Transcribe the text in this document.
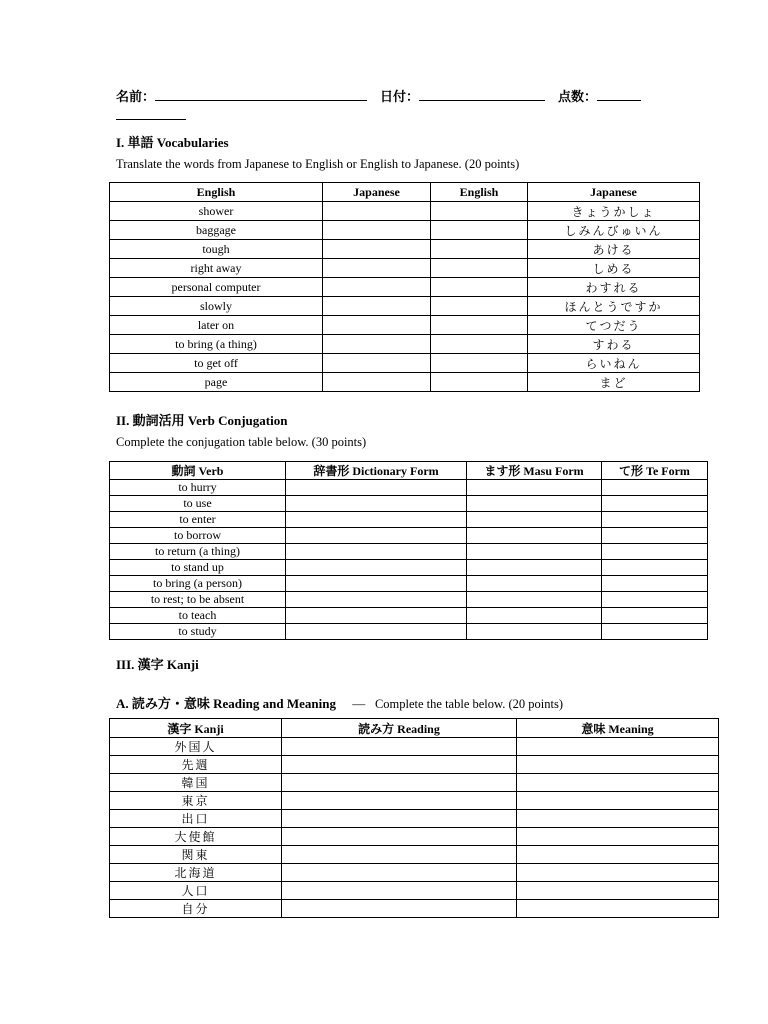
名前：	日付：	点数：

I. 単語 Vocabularies
Translate the words from Japanese to English or English to Japanese. (20 points)
English	Japanese	English	Japanese
shower			きょうかしょ
baggage			しみんびゅいん
tough			あける
right away			しめる
personal computer			わすれる
slowly			ほんとうですか
later on			てつだう
to bring (a thing)			すわる
to get off			らいねん
page			まど
II. 動詞活用 Verb Conjugation
Complete the conjugation table below. (30 points)
動詞 Verb	辞書形 Dictionary Form	ます形 Masu Form	て形 Te Form
to hurry			
to use			
to enter			
to borrow			
to return (a thing)			
to stand up			
to bring (a person)			
to rest; to be absent			
to teach			
to study			
III. 漢字 Kanji
A. 読み方・意味 Reading and Meaning — Complete the table below. (20 points)
漢字 Kanji	読み方 Reading	意味 Meaning
外国人		
先週		
韓国		
東京		
出口		
大使館		
関東		
北海道		
人口		
自分		
